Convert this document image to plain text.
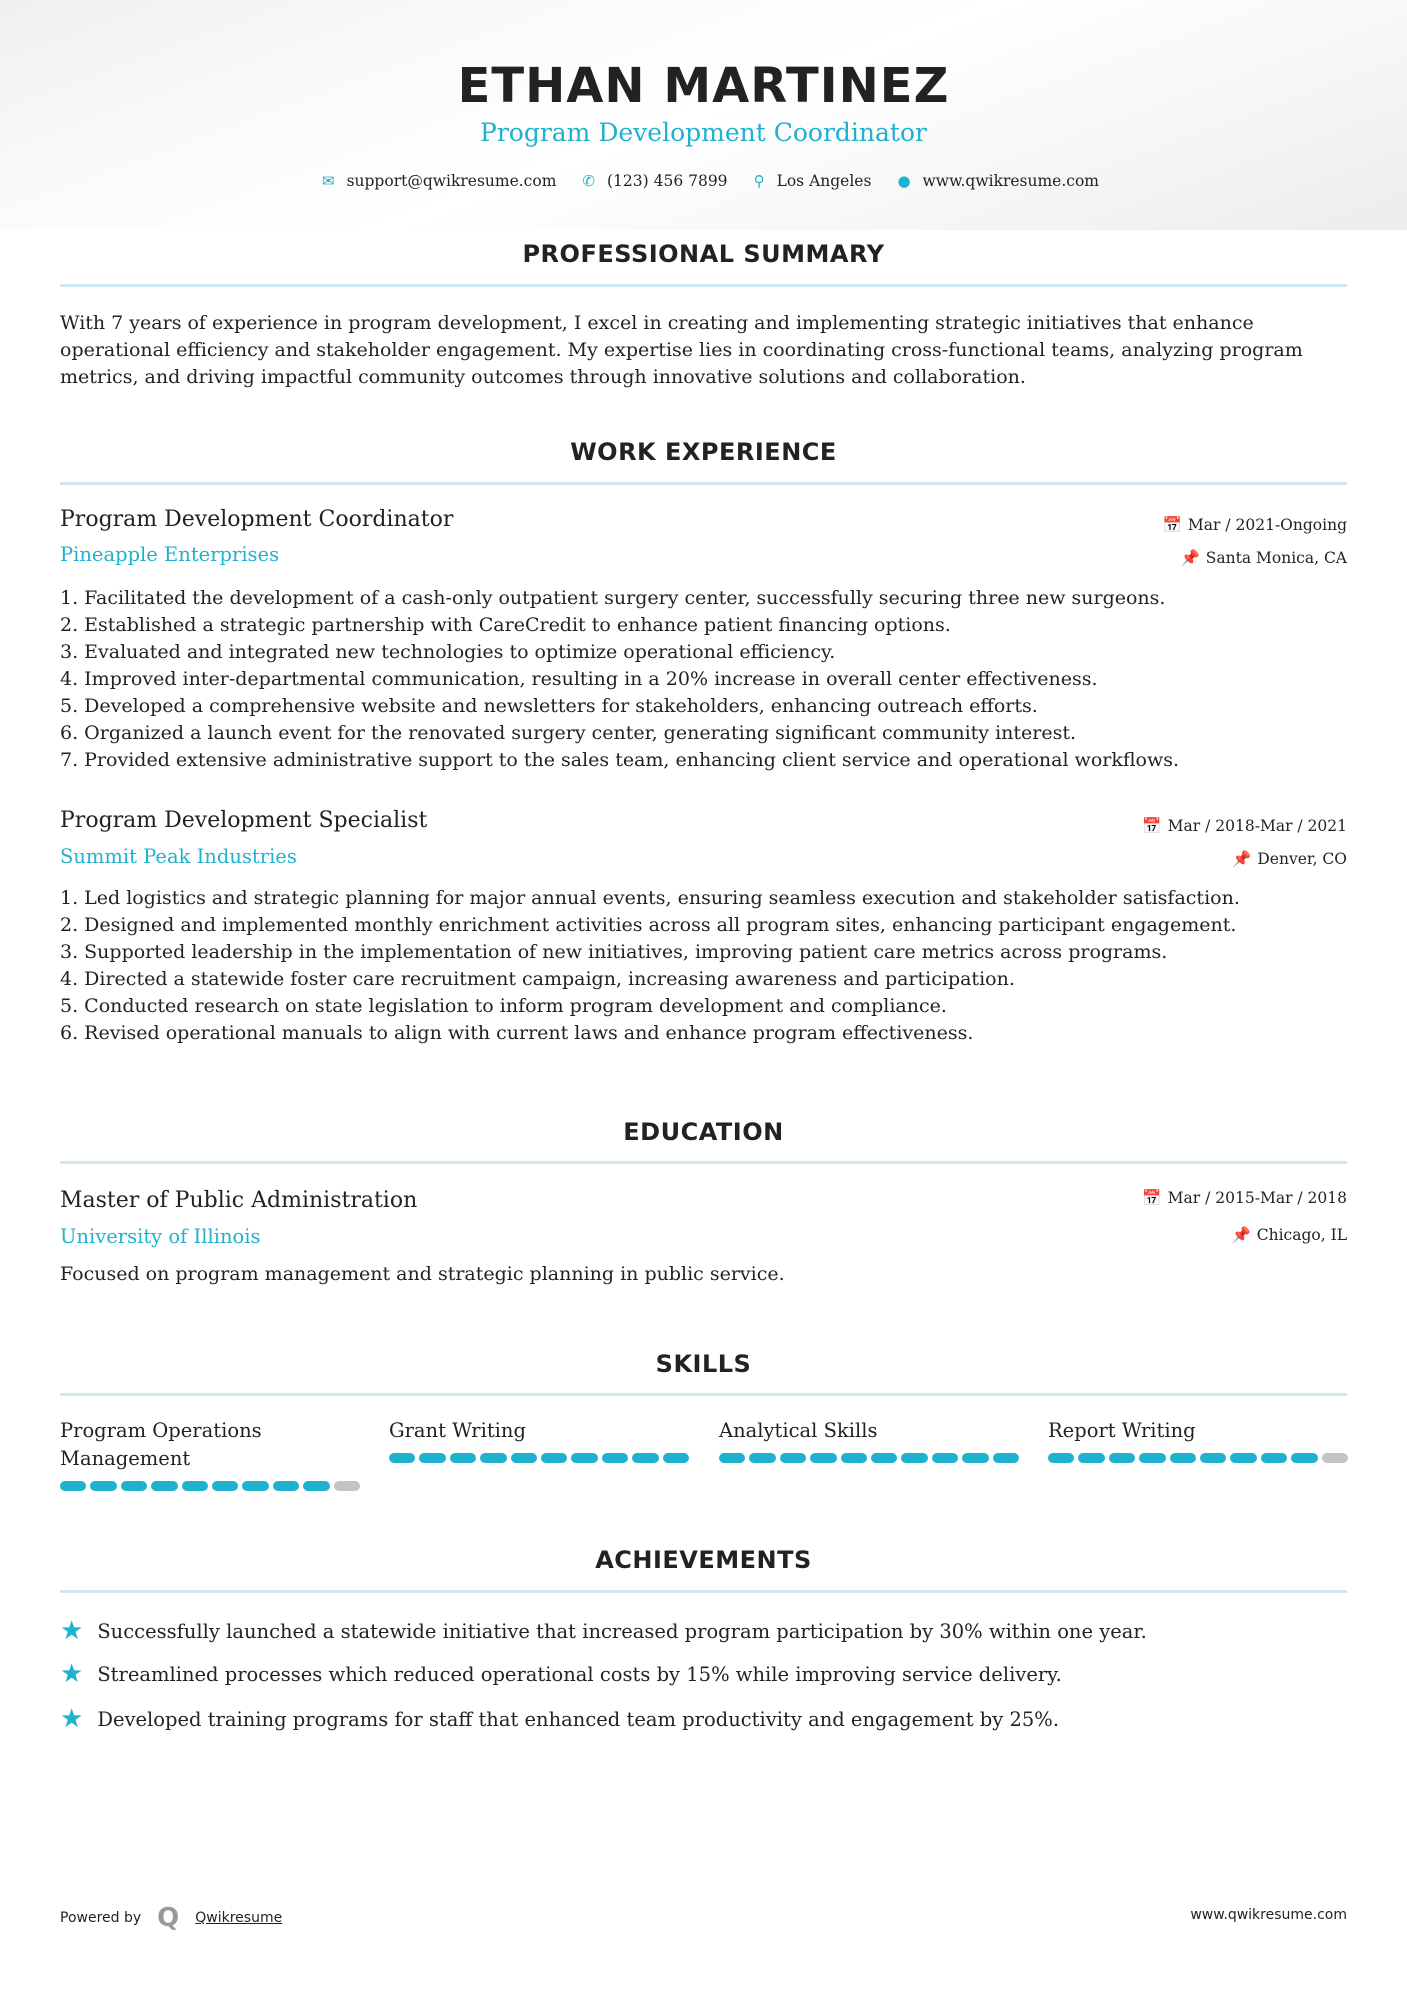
ETHAN MARTINEZ
Program Development Coordinator
✉ support@qwikresume.com ✆ (123) 456 7899 ⚲ Los Angeles ● www.qwikresume.com
PROFESSIONAL SUMMARY
With 7 years of experience in program development, I excel in creating and implementing strategic initiatives that enhance operational efficiency and stakeholder engagement. My expertise lies in coordinating cross-functional teams, analyzing program metrics, and driving impactful community outcomes through innovative solutions and collaboration.
WORK EXPERIENCE
Program Development Coordinator	📅 Mar / 2021-Ongoing
Pineapple Enterprises	📌 Santa Monica, CA
1. Facilitated the development of a cash-only outpatient surgery center, successfully securing three new surgeons.
2. Established a strategic partnership with CareCredit to enhance patient financing options.
3. Evaluated and integrated new technologies to optimize operational efficiency.
4. Improved inter-departmental communication, resulting in a 20% increase in overall center effectiveness.
5. Developed a comprehensive website and newsletters for stakeholders, enhancing outreach efforts.
6. Organized a launch event for the renovated surgery center, generating significant community interest.
7. Provided extensive administrative support to the sales team, enhancing client service and operational workflows.
Program Development Specialist	📅 Mar / 2018-Mar / 2021
Summit Peak Industries	📌 Denver, CO
1. Led logistics and strategic planning for major annual events, ensuring seamless execution and stakeholder satisfaction.
2. Designed and implemented monthly enrichment activities across all program sites, enhancing participant engagement.
3. Supported leadership in the implementation of new initiatives, improving patient care metrics across programs.
4. Directed a statewide foster care recruitment campaign, increasing awareness and participation.
5. Conducted research on state legislation to inform program development and compliance.
6. Revised operational manuals to align with current laws and enhance program effectiveness.
EDUCATION
Master of Public Administration	📅 Mar / 2015-Mar / 2018
University of Illinois	📌 Chicago, IL
Focused on program management and strategic planning in public service.
SKILLS
Program Operations Management
Grant Writing	Analytical Skills	Report Writing
ACHIEVEMENTS
★ Successfully launched a statewide initiative that increased program participation by 30% within one year.
★ Streamlined processes which reduced operational costs by 15% while improving service delivery.
★ Developed training programs for staff that enhanced team productivity and engagement by 25%.
Powered by Q Qwikresume	www.qwikresume.com
